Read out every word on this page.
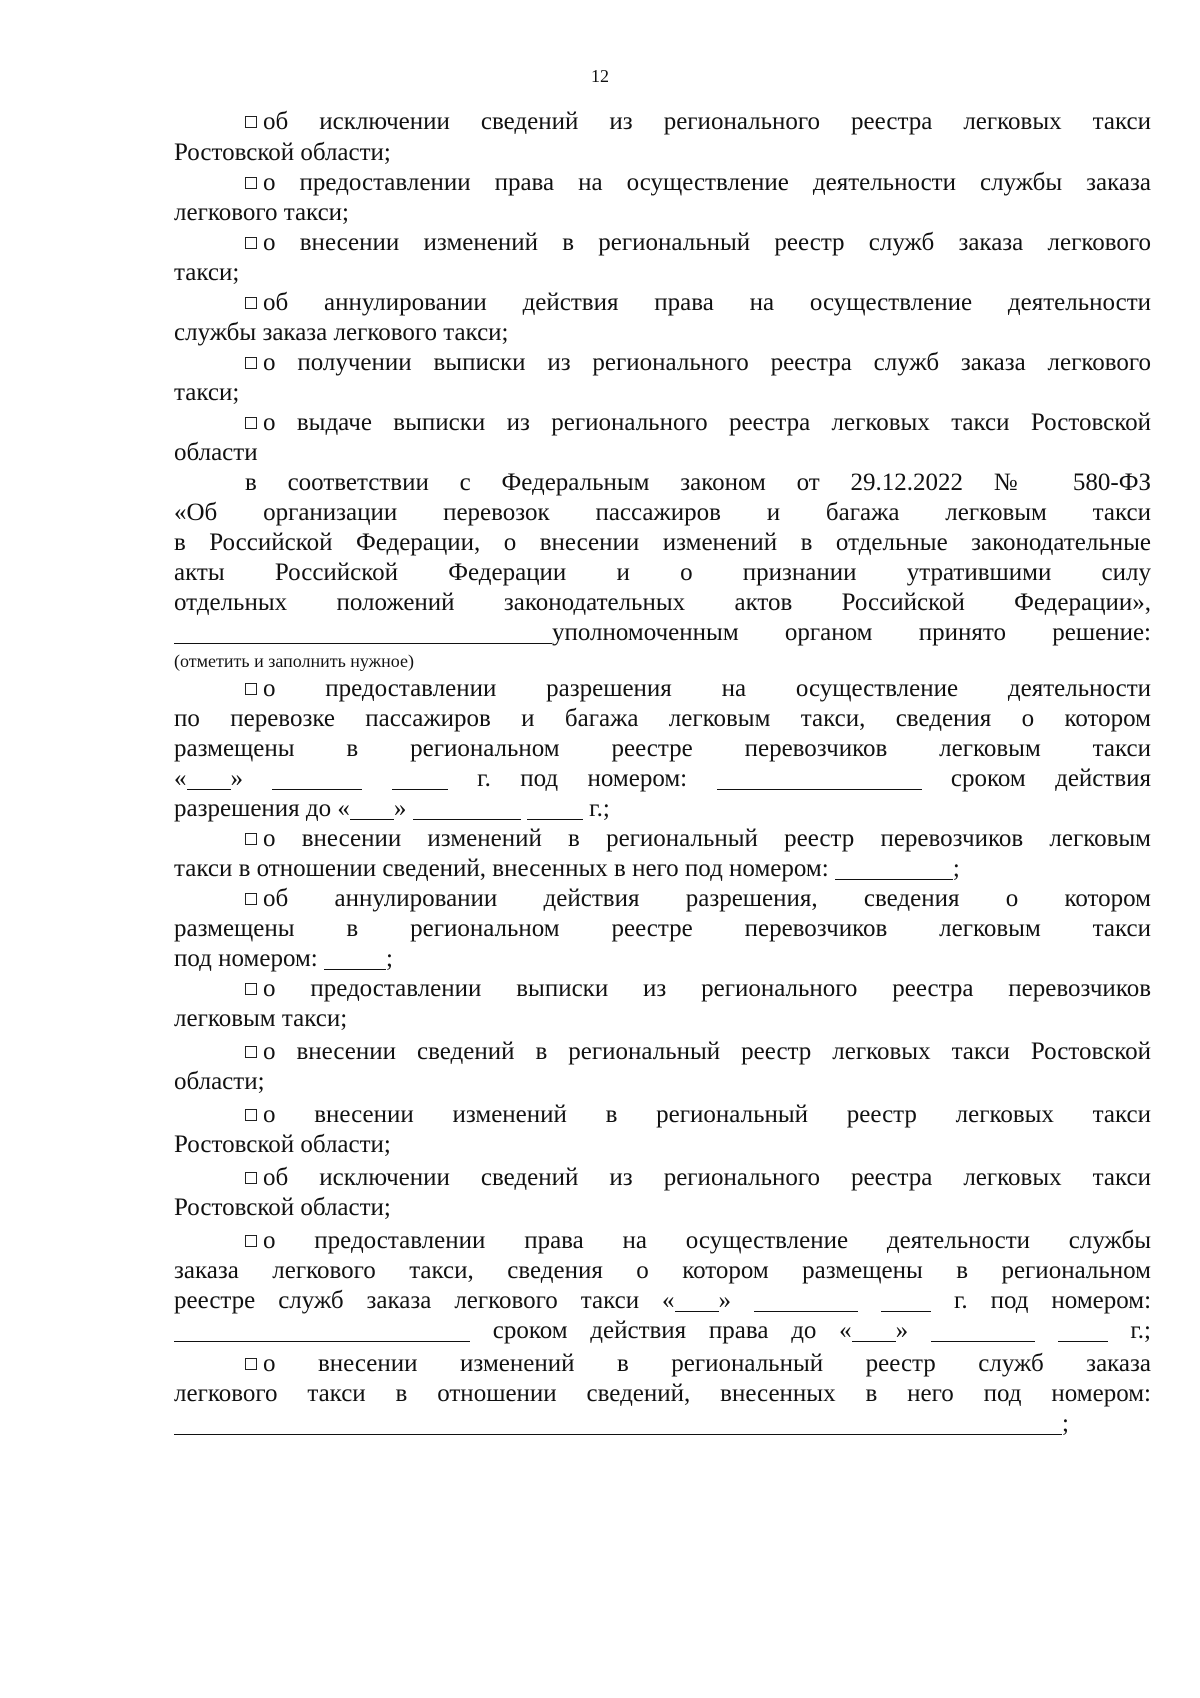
12
об исключении сведений из регионального реестра легковых такси
Ростовской области;
о предоставлении права на осуществление деятельности службы заказа
легкового такси;
о внесении изменений в региональный реестр служб заказа легкового
такси;
об аннулировании действия права на осуществление деятельности
службы заказа легкового такси;
о получении выписки из регионального реестра служб заказа легкового
такси;
о выдаче выписки из регионального реестра легковых такси Ростовской
области
в соответствии с Федеральным законом от 29.12.2022 № 580-ФЗ
«Об организации перевозок пассажиров и багажа легковым такси
в Российской Федерации, о внесении изменений в отдельные законодательные
акты Российской Федерации и о признании утратившими силу
отдельных положений законодательных актов Российской Федерации»,
уполномоченным органом принято решение:
(отметить и заполнить нужное)
о предоставлении разрешения на осуществление деятельности
по перевозке пассажиров и багажа легковым такси, сведения о котором
размещены в региональном реестре перевозчиков легковым такси
« »	г. под номером:	сроком действия
разрешения до « »	г.;
о внесении изменений в региональный реестр перевозчиков легковым
такси в отношении сведений, внесенных в него под номером:	;
об аннулировании действия разрешения, сведения о котором
размещены в региональном реестре перевозчиков легковым такси
под номером:	;
о предоставлении выписки из регионального реестра перевозчиков
легковым такси;
о внесении сведений в региональный реестр легковых такси Ростовской
области;
о внесении изменений в региональный реестр легковых такси
Ростовской области;
об исключении сведений из регионального реестра легковых такси
Ростовской области;
о предоставлении права на осуществление деятельности службы
заказа легкового такси, сведения о котором размещены в региональном
реестре служб заказа легкового такси « »	г. под номером:
сроком действия права до « »	г.;
о внесении изменений в региональный реестр служб заказа
легкового такси в отношении сведений, внесенных в него под номером:
;
